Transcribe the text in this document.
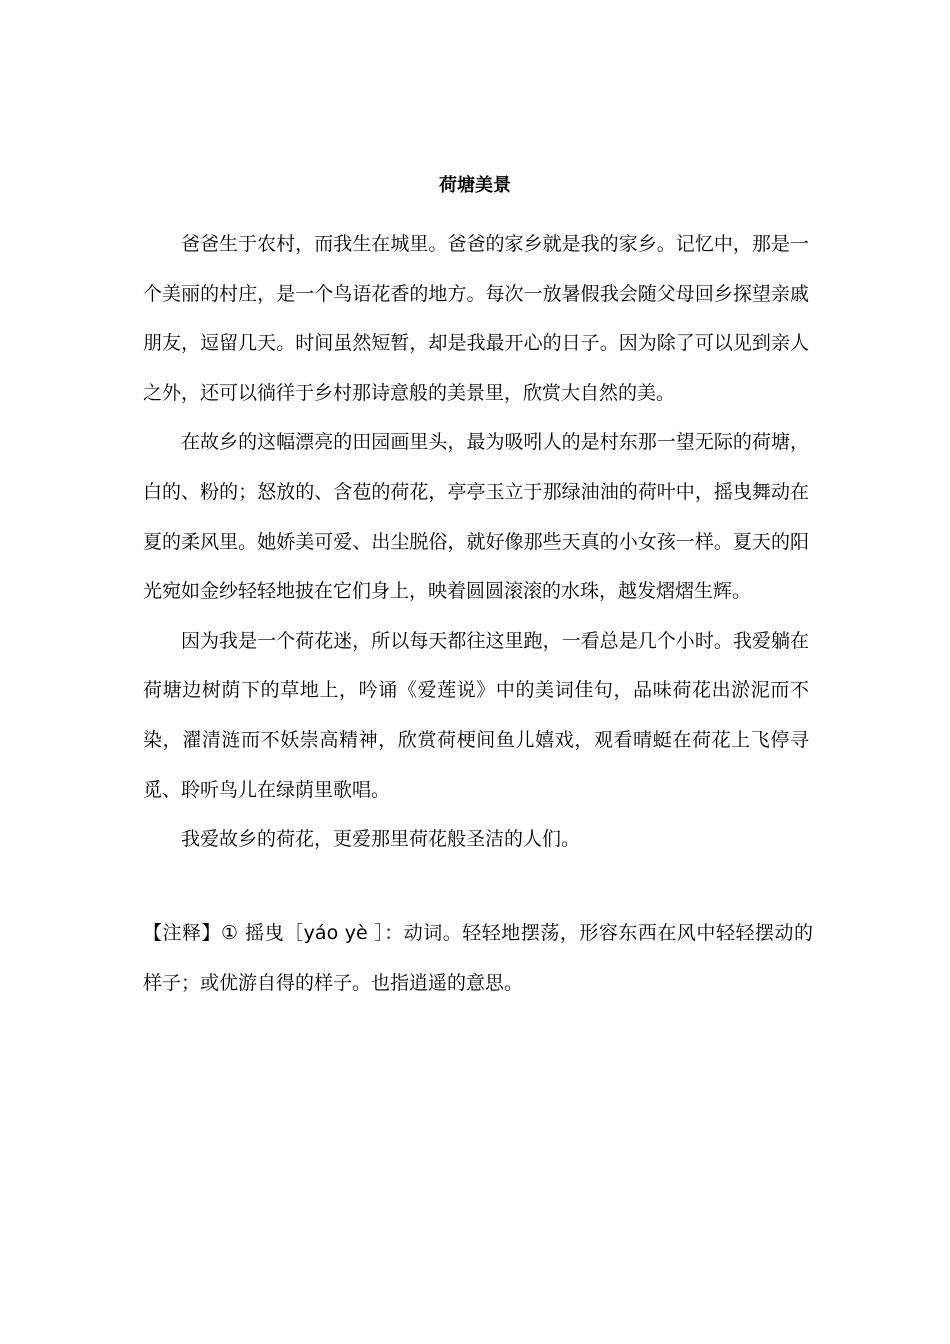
荷塘美景

爸爸生于农村，而我生在城里。爸爸的家乡就是我的家乡。记忆中，那是一个美丽的村庄，是一个鸟语花香的地方。每次一放暑假我会随父母回乡探望亲戚朋友，逗留几天。时间虽然短暂，却是我最开心的日子。因为除了可以见到亲人之外，还可以徜徉于乡村那诗意般的美景里，欣赏大自然的美。

在故乡的这幅漂亮的田园画里头，最为吸吲人的是村东那一望无际的荷塘，白的、粉的；怒放的、含苞的荷花，亭亭玉立于那绿油油的荷叶中，摇曳舞动在夏的柔风里。她娇美可爱、出尘脱俗，就好像那些天真的小女孩一样。夏天的阳光宛如金纱轻轻地披在它们身上，映着圆圆滚滚的水珠，越发熠熠生辉。

因为我是一个荷花迷，所以每天都往这里跑，一看总是几个小时。我爱躺在荷塘边树荫下的草地上，吟诵《爱莲说》中的美词佳句，品味荷花出淤泥而不染，濯清涟而不妖崇高精神，欣赏荷梗间鱼儿嬉戏，观看晴蜓在荷花上飞停寻觅、聆听鸟儿在绿荫里歌唱。

我爱故乡的荷花，更爱那里荷花般圣洁的人们。

【注释】① 摇曳［yáo yè ］：动词。轻轻地摆荡，形容东西在风中轻轻摆动的样子；或优游自得的样子。也指逍遥的意思。
